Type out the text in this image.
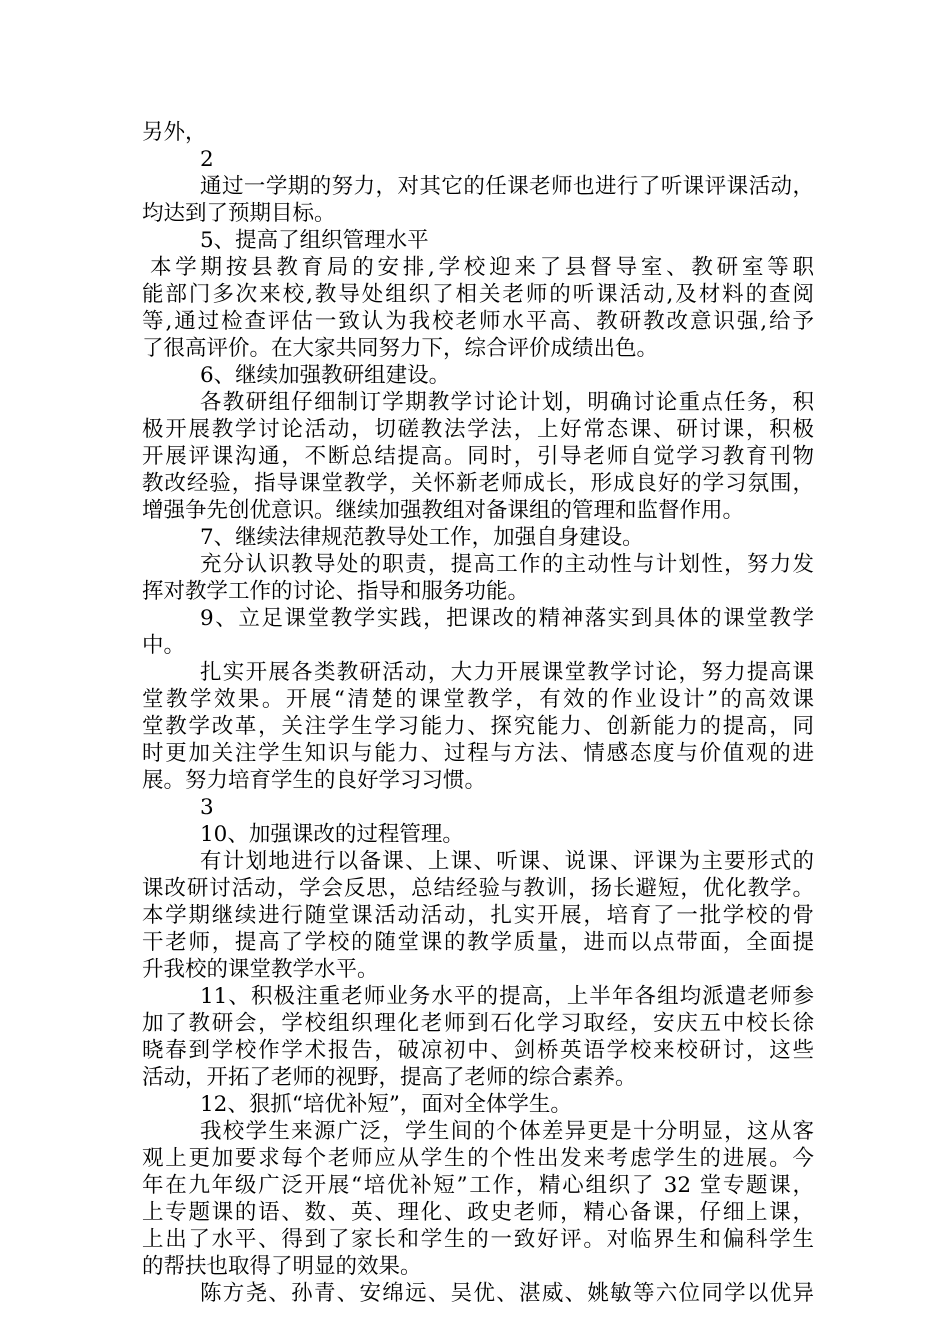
另外，
2
通过一学期的努力，对其它的任课老师也进行了听课评课活动，
均达到了预期目标。
5、提高了组织管理水平
本学期按县教育局的安排,学校迎来了县督导室、教研室等职
能部门多次来校,教导处组织了相关老师的听课活动,及材料的查阅
等,通过检查评估一致认为我校老师水平高、教研教改意识强,给予
了很高评价。在大家共同努力下，综合评价成绩出色。
6、继续加强教研组建设。
各教研组仔细制订学期教学讨论计划，明确讨论重点任务，积
极开展教学讨论活动，切磋教法学法，上好常态课、研讨课，积极
开展评课沟通，不断总结提高。同时，引导老师自觉学习教育刊物
教改经验，指导课堂教学，关怀新老师成长，形成良好的学习氛围，
增强争先创优意识。继续加强教组对备课组的管理和监督作用。
7、继续法律规范教导处工作，加强自身建设。
充分认识教导处的职责，提高工作的主动性与计划性，努力发
挥对教学工作的讨论、指导和服务功能。
9、立足课堂教学实践，把课改的精神落实到具体的课堂教学
中。
扎实开展各类教研活动，大力开展课堂教学讨论，努力提高课
堂教学效果。开展“清楚的课堂教学，有效的作业设计”的高效课
堂教学改革，关注学生学习能力、探究能力、创新能力的提高，同
时更加关注学生知识与能力、过程与方法、情感态度与价值观的进
展。努力培育学生的良好学习习惯。
3
10、加强课改的过程管理。
有计划地进行以备课、上课、听课、说课、评课为主要形式的
课改研讨活动，学会反思，总结经验与教训，扬长避短，优化教学。
本学期继续进行随堂课活动活动，扎实开展，培育了一批学校的骨
干老师，提高了学校的随堂课的教学质量，进而以点带面，全面提
升我校的课堂教学水平。
11、积极注重老师业务水平的提高，上半年各组均派遣老师参
加了教研会，学校组织理化老师到石化学习取经，安庆五中校长徐
晓春到学校作学术报告，破凉初中、剑桥英语学校来校研讨，这些
活动，开拓了老师的视野，提高了老师的综合素养。
12、狠抓“培优补短”，面对全体学生。
我校学生来源广泛，学生间的个体差异更是十分明显，这从客
观上更加要求每个老师应从学生的个性出发来考虑学生的进展。今
年在九年级广泛开展“培优补短”工作，精心组织了 32 堂专题课，
上专题课的语、数、英、理化、政史老师，精心备课，仔细上课，
上出了水平、得到了家长和学生的一致好评。对临界生和偏科学生
的帮扶也取得了明显的效果。
陈方尧、孙青、安绵远、吴优、湛威、姚敏等六位同学以优异
